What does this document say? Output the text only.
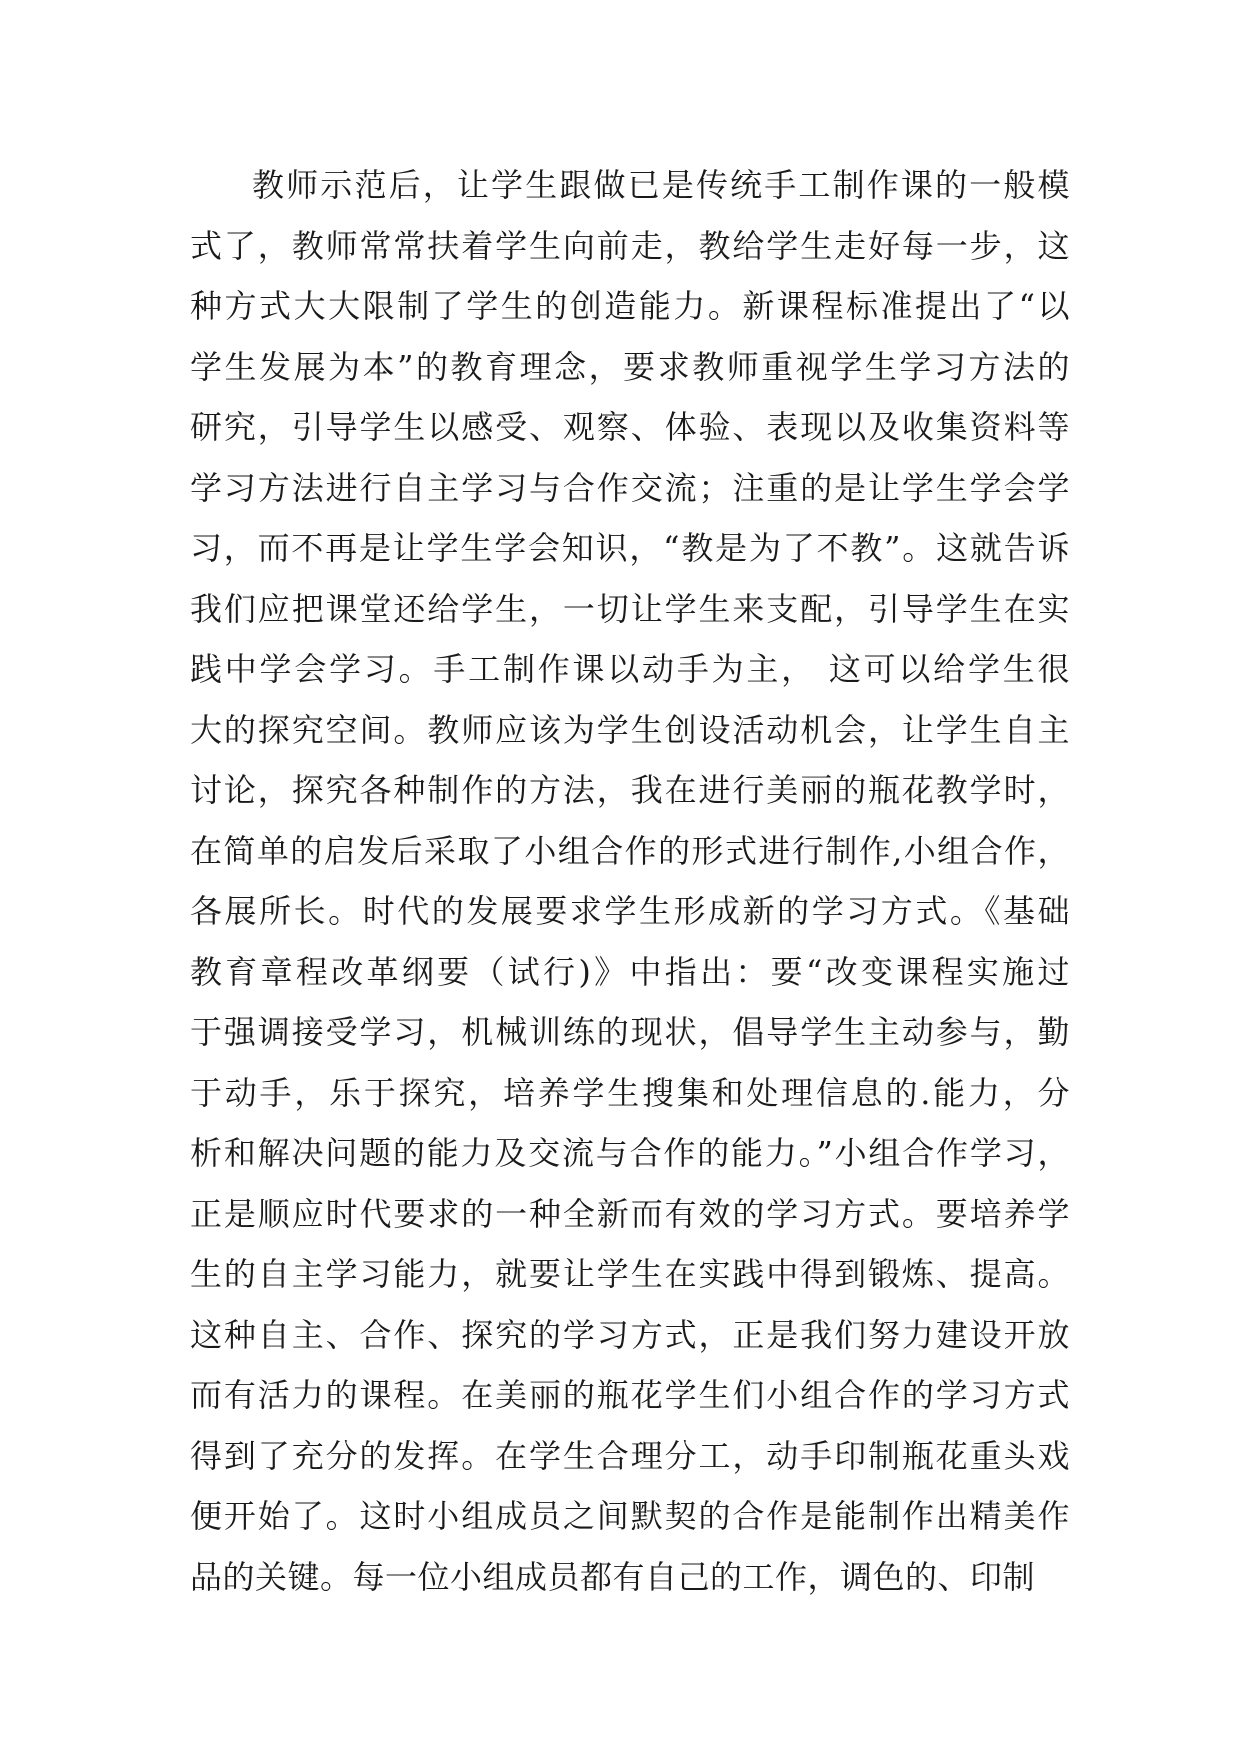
教师示范后，让学生跟做已是传统手工制作课的一般模
式了，教师常常扶着学生向前走，教给学生走好每一步，这
种方式大大限制了学生的创造能力。新课程标准提出了“以
学生发展为本”的教育理念，要求教师重视学生学习方法的
研究，引导学生以感受、观察、体验、表现以及收集资料等
学习方法进行自主学习与合作交流；注重的是让学生学会学
习，而不再是让学生学会知识，“教是为了不教”。这就告诉
我们应把课堂还给学生，一切让学生来支配，引导学生在实
践中学会学习。手工制作课以动手为主， 这可以给学生很
大的探究空间。教师应该为学生创设活动机会，让学生自主
讨论，探究各种制作的方法，我在进行美丽的瓶花教学时，
在简单的启发后采取了小组合作的形式进行制作,小组合作，
各展所长。时代的发展要求学生形成新的学习方式。《基础
教育章程改革纲要（试行)》中指出：要“改变课程实施过
于强调接受学习，机械训练的现状，倡导学生主动参与，勤
于动手，乐于探究，培养学生搜集和处理信息的.能力，分
析和解决问题的能力及交流与合作的能力。”小组合作学习，
正是顺应时代要求的一种全新而有效的学习方式。要培养学
生的自主学习能力，就要让学生在实践中得到锻炼、提高。
这种自主、合作、探究的学习方式，正是我们努力建设开放
而有活力的课程。在美丽的瓶花学生们小组合作的学习方式
得到了充分的发挥。在学生合理分工，动手印制瓶花重头戏
便开始了。这时小组成员之间默契的合作是能制作出精美作
品的关键。每一位小组成员都有自己的工作，调色的、印制
